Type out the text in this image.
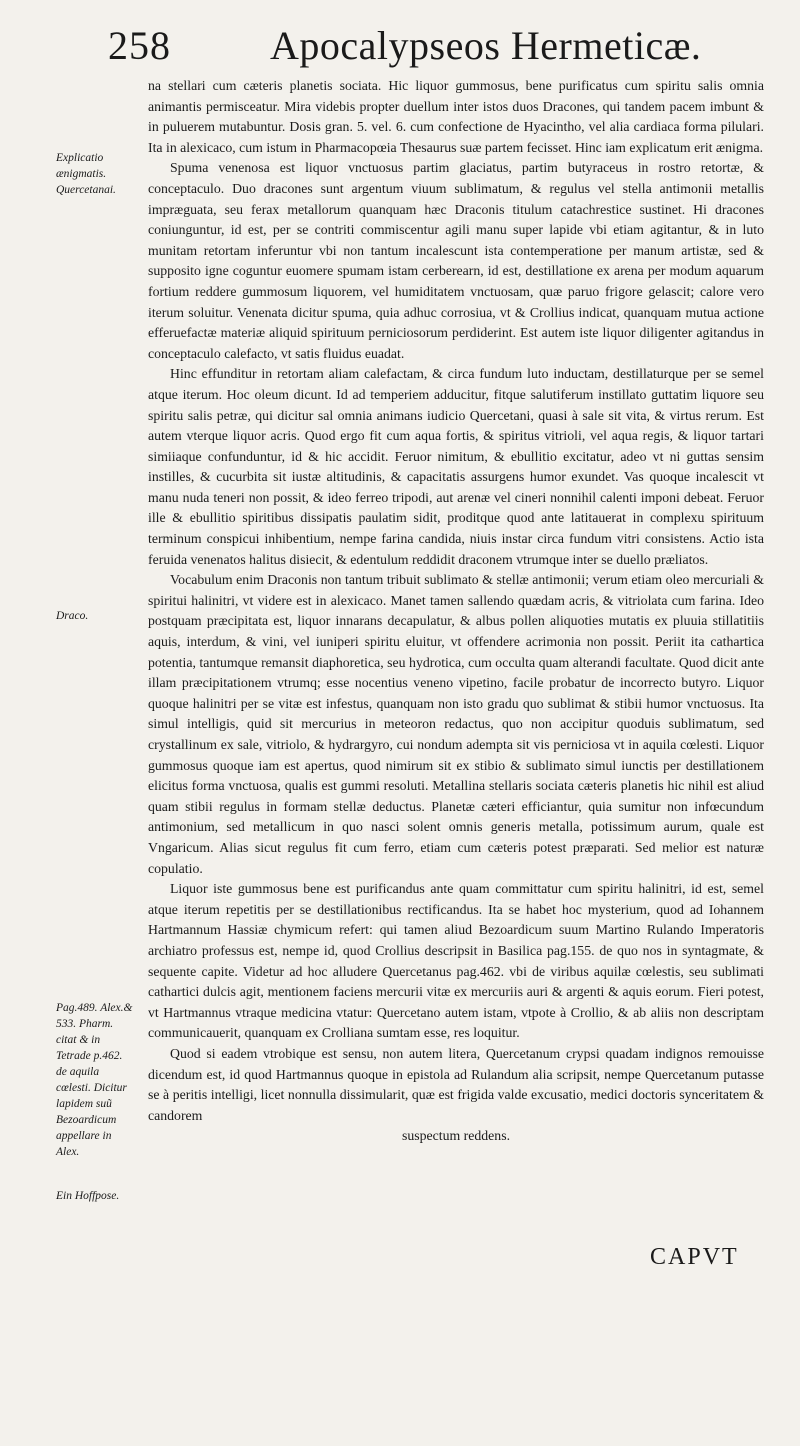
258 Apocalypseos Hermeticæ.
Explicatio ænigmatis. Quercetanai.
Draco.
Pag.489. Alex.& 533. Pharm. citat & in Tetrade p.462. de aquila cœlesti. Dicitur lapidem suũ Bezoardicum appellare in Alex.
Ein Hoffpose.

na stellari cum cæteris planetis sociata. Hic liquor gummosus, bene purificatus cum spiritu salis omnia animantis permisceatur. Mira videbis propter duellum inter istos duos Dracones, qui tandem pacem imbunt & in puluerem mutabuntur. Dosis gran. 5. vel. 6. cum confectione de Hyacintho, vel alia cardiaca forma pilulari. Ita in alexicaco, cum istum in Pharmacopœia Thesaurus suæ partem fecisset. Hinc iam explicatum erit ænigma.

Spuma venenosa est liquor vnctuosus partim glaciatus, partim butyraceus in rostro retortæ, & conceptaculo. Duo dracones sunt argentum viuum sublimatum, & regulus vel stella antimonii metallis impræguata, seu ferax metallorum quanquam hæc Draconis titulum catachrestice sustinet. Hi dracones coniunguntur, id est, per se contriti commiscentur agili manu super lapide vbi etiam agitantur, & in luto munitam retortam inferuntur vbi non tantum incalescunt ista contemperatione per manum artistæ, sed & supposito igne coguntur euomere spumam istam cerberearn, id est, destillatione ex arena per modum aquarum fortium reddere gummosum liquorem, vel humiditatem vnctuosam, quæ paruo frigore gelascit; calore vero iterum soluitur. Venenata dicitur spuma, quia adhuc corrosiua, vt & Crollius indicat, quanquam mutua actione efferuefactæ materiæ aliquid spirituum perniciosorum perdiderint. Est autem iste liquor diligenter agitandus in conceptaculo calefacto, vt satis fluidus euadat.

Hinc effunditur in retortam aliam calefactam, & circa fundum luto inductam, destillaturque per se semel atque iterum. Hoc oleum dicunt. Id ad temperiem adducitur, fitque salutiferum instillato guttatim liquore seu spiritu salis petræ, qui dicitur sal omnia animans iudicio Quercetani, quasi à sale sit vita, & virtus rerum. Est autem vterque liquor acris. Quod ergo fit cum aqua fortis, & spiritus vitrioli, vel aqua regis, & liquor tartari simiiaque confunduntur, id & hic accidit. Feruor nimitum, & ebullitio excitatur, adeo vt ni guttas sensim instilles, & cucurbita sit iustæ altitudinis, & capacitatis assurgens humor exundet. Vas quoque incalescit vt manu nuda teneri non possit, & ideo ferreo tripodi, aut arenæ vel cineri nonnihil calenti imponi debeat. Feruor ille & ebullitio spiritibus dissipatis paulatim sidit, proditque quod ante latitauerat in complexu spirituum terminum conspicui inhibentium, nempe farina candida, niuis instar circa fundum vitri consistens. Actio ista feruida venenatos halitus disiecit, & edentulum reddidit draconem vtrumque inter se duello præliatos.

Vocabulum enim Draconis non tantum tribuit sublimato & stellæ antimonii; verum etiam oleo mercuriali & spiritui halinitri, vt videre est in alexicaco. Manet tamen sallendo quædam acris, & vitriolata cum farina. Ideo postquam præcipitata est, liquor innarans decapulatur, & albus pollen aliquoties mutatis ex pluuia stillatitiis aquis, interdum, & vini, vel iuniperi spiritu eluitur, vt offendere acrimonia non possit. Periit ita cathartica potentia, tantumque remansit diaphoretica, seu hydrotica, cum occulta quam alterandi facultate. Quod dicit ante illam præcipitationem vtrumq; esse nocentius veneno vipetino, facile probatur de incorrecto butyro. Liquor quoque halinitri per se vitæ est infestus, quanquam non isto gradu quo sublimat & stibii humor vnctuosus. Ita simul intelligis, quid sit mercurius in meteoron redactus, quo non accipitur quoduis sublimatum, sed crystallinum ex sale, vitriolo, & hydrargyro, cui nondum adempta sit vis perniciosa vt in aquila cœlesti. Liquor gummosus quoque iam est apertus, quod nimirum sit ex stibio & sublimato simul iunctis per destillationem elicitus forma vnctuosa, qualis est gummi resoluti. Metallina stellaris sociata cæteris planetis hic nihil est aliud quam stibii regulus in formam stellæ deductus. Planetæ cæteri efficiantur, quia sumitur non infœcundum antimonium, sed metallicum in quo nasci solent omnis generis metalla, potissimum aurum, quale est Vngaricum. Alias sicut regulus fit cum ferro, etiam cum cæteris potest præparati. Sed melior est naturæ copulatio.

Liquor iste gummosus bene est purificandus ante quam committatur cum spiritu halinitri, id est, semel atque iterum repetitis per se destillationibus rectificandus. Ita se habet hoc mysterium, quod ad Iohannem Hartmannum Hassiæ chymicum refert: qui tamen aliud Bezoardicum suum Martino Rulando Imperatoris archiatro professus est, nempe id, quod Crollius descripsit in Basilica pag.155. de quo nos in syntagmate, & sequente capite. Videtur ad hoc alludere Quercetanus pag.462. vbi de viribus aquilæ cœlestis, seu sublimati cathartici dulcis agit, mentionem faciens mercurii vitæ ex mercuriis auri & argenti & aquis eorum. Fieri potest, vt Hartmannus vtraque medicina vtatur: Quercetano autem istam, vtpote à Crollio, & ab aliis non descriptam communicauerit, quanquam ex Crolliana sumtam esse, res loquitur.

Quod si eadem vtrobique est sensu, non autem litera, Quercetanum crypsi quadam indignos remouisse dicendum est, id quod Hartmannus quoque in epistola ad Rulandum alia scripsit, nempe Quercetanum putasse se à peritis intelligi, licet nonnulla dissimularit, quæ est frigida valde excusatio, medici doctoris synceritatem & candorem

suspectum reddens.

CAPVT
